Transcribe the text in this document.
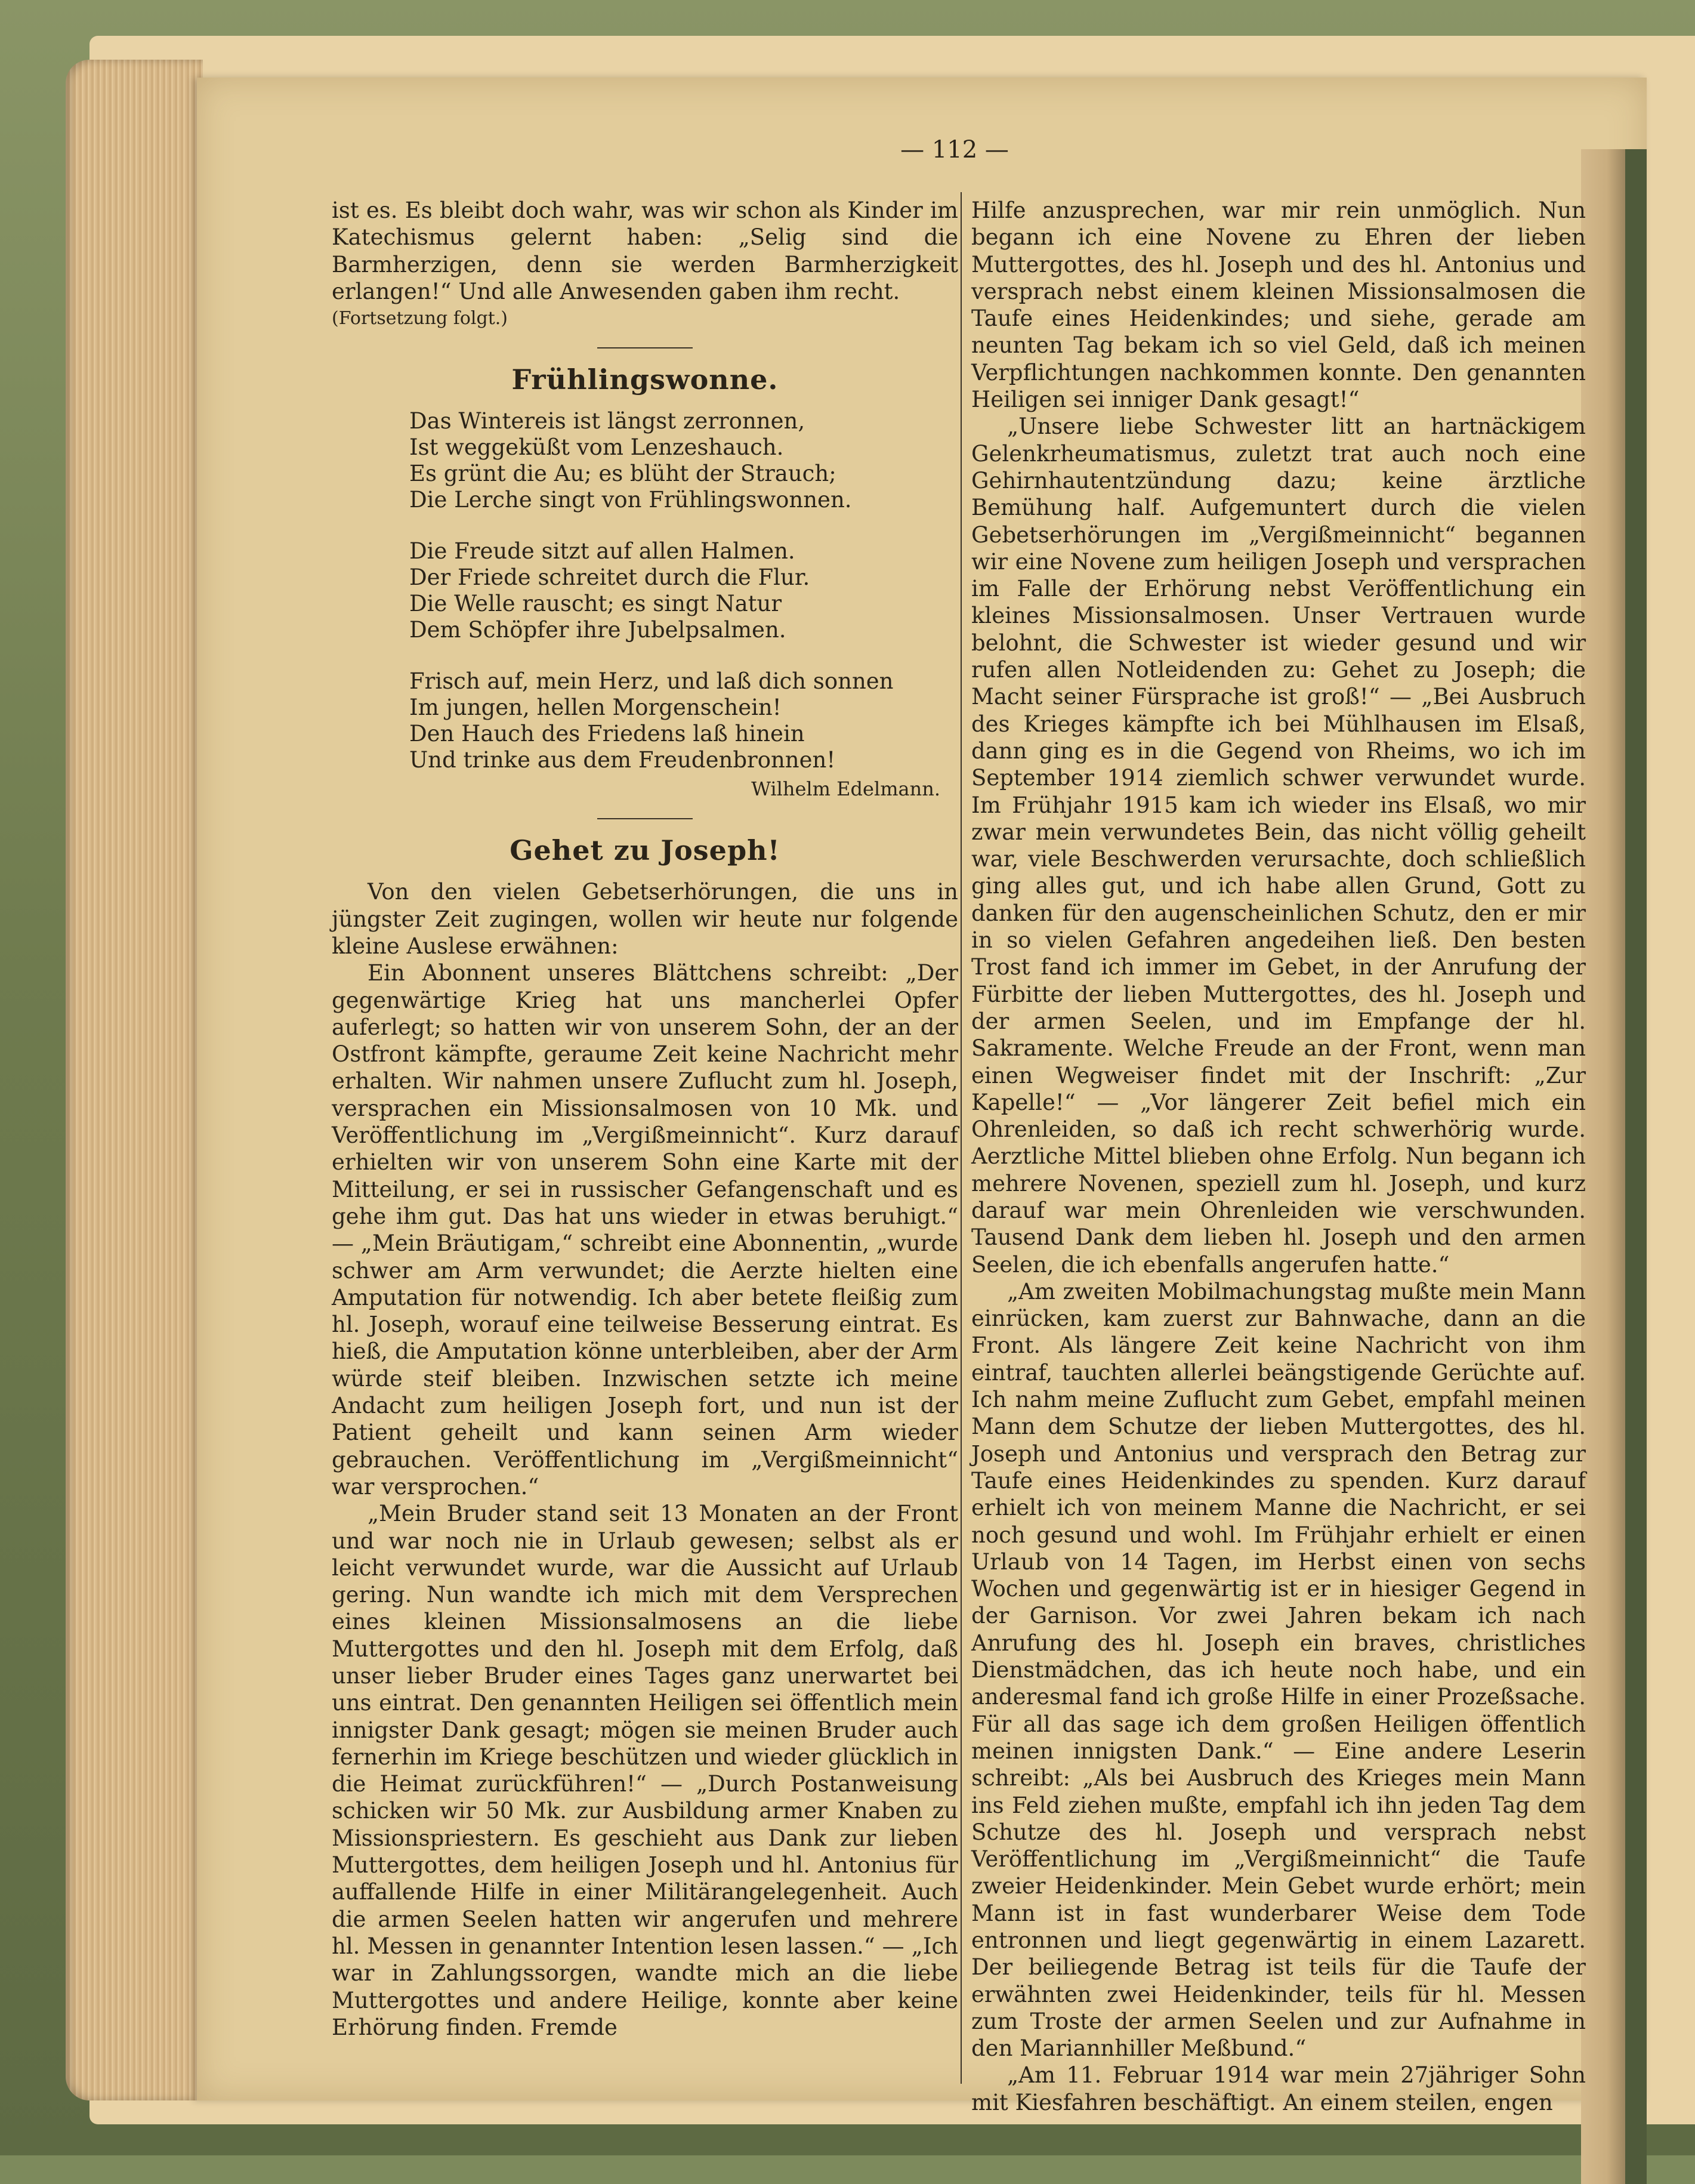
— 112 —

ist es. Es bleibt doch wahr, was wir schon als Kinder im Katechismus gelernt haben: „Selig sind die Barmherzigen, denn sie werden Barmherzigkeit erlangen!“ Und alle Anwesenden gaben ihm recht.

(Fortsetzung folgt.)

Frühlingswonne.
Das Wintereis ist längst zerronnen,
Ist weggeküßt vom Lenzeshauch.
Es grünt die Au; es blüht der Strauch;
Die Lerche singt von Frühlingswonnen.
Die Freude sitzt auf allen Halmen.
Der Friede schreitet durch die Flur.
Die Welle rauscht; es singt Natur
Dem Schöpfer ihre Jubelpsalmen.
Frisch auf, mein Herz, und laß dich sonnen
Im jungen, hellen Morgenschein!
Den Hauch des Friedens laß hinein
Und trinke aus dem Freudenbronnen!
Wilhelm Edelmann.
Gehet zu Joseph!

Von den vielen Gebetserhörungen, die uns in jüngster Zeit zugingen, wollen wir heute nur folgende kleine Auslese erwähnen:

Ein Abonnent unseres Blättchens schreibt: „Der gegenwärtige Krieg hat uns mancherlei Opfer auferlegt; so hatten wir von unserem Sohn, der an der Ostfront kämpfte, geraume Zeit keine Nachricht mehr erhalten. Wir nahmen unsere Zuflucht zum hl. Joseph, versprachen ein Missionsalmosen von 10 Mk. und Veröffentlichung im „Vergißmeinnicht“. Kurz darauf erhielten wir von unserem Sohn eine Karte mit der Mitteilung, er sei in russischer Gefangenschaft und es gehe ihm gut. Das hat uns wieder in etwas beruhigt.“ — „Mein Bräutigam,“ schreibt eine Abonnentin, „wurde schwer am Arm verwundet; die Aerzte hielten eine Amputation für notwendig. Ich aber betete fleißig zum hl. Joseph, worauf eine teilweise Besserung eintrat. Es hieß, die Amputation könne unterbleiben, aber der Arm würde steif bleiben. Inzwischen setzte ich meine Andacht zum heiligen Joseph fort, und nun ist der Patient geheilt und kann seinen Arm wieder gebrauchen. Veröffentlichung im „Vergißmeinnicht“ war versprochen.“

„Mein Bruder stand seit 13 Monaten an der Front und war noch nie in Urlaub gewesen; selbst als er leicht verwundet wurde, war die Aussicht auf Urlaub gering. Nun wandte ich mich mit dem Versprechen eines kleinen Missionsalmosens an die liebe Muttergottes und den hl. Joseph mit dem Erfolg, daß unser lieber Bruder eines Tages ganz unerwartet bei uns eintrat. Den genannten Heiligen sei öffentlich mein innigster Dank gesagt; mögen sie meinen Bruder auch fernerhin im Kriege beschützen und wieder glücklich in die Heimat zurückführen!“ — „Durch Postanweisung schicken wir 50 Mk. zur Ausbildung armer Knaben zu Missionspriestern. Es geschieht aus Dank zur lieben Muttergottes, dem heiligen Joseph und hl. Antonius für auffallende Hilfe in einer Militärangelegenheit. Auch die armen Seelen hatten wir angerufen und mehrere hl. Messen in genannter Intention lesen lassen.“ — „Ich war in Zahlungssorgen, wandte mich an die liebe Muttergottes und andere Heilige, konnte aber keine Erhörung finden. Fremde

Hilfe anzusprechen, war mir rein unmöglich. Nun begann ich eine Novene zu Ehren der lieben Muttergottes, des hl. Joseph und des hl. Antonius und versprach nebst einem kleinen Missionsalmosen die Taufe eines Heidenkindes; und siehe, gerade am neunten Tag bekam ich so viel Geld, daß ich meinen Verpflichtungen nachkommen konnte. Den genannten Heiligen sei inniger Dank gesagt!“

„Unsere liebe Schwester litt an hartnäckigem Gelenkrheumatismus, zuletzt trat auch noch eine Gehirnhautentzündung dazu; keine ärztliche Bemühung half. Aufgemuntert durch die vielen Gebetserhörungen im „Vergißmeinnicht“ begannen wir eine Novene zum heiligen Joseph und versprachen im Falle der Erhörung nebst Veröffentlichung ein kleines Missionsalmosen. Unser Vertrauen wurde belohnt, die Schwester ist wieder gesund und wir rufen allen Notleidenden zu: Gehet zu Joseph; die Macht seiner Fürsprache ist groß!“ — „Bei Ausbruch des Krieges kämpfte ich bei Mühlhausen im Elsaß, dann ging es in die Gegend von Rheims, wo ich im September 1914 ziemlich schwer verwundet wurde. Im Frühjahr 1915 kam ich wieder ins Elsaß, wo mir zwar mein verwundetes Bein, das nicht völlig geheilt war, viele Beschwerden verursachte, doch schließlich ging alles gut, und ich habe allen Grund, Gott zu danken für den augenscheinlichen Schutz, den er mir in so vielen Gefahren angedeihen ließ. Den besten Trost fand ich immer im Gebet, in der Anrufung der Fürbitte der lieben Muttergottes, des hl. Joseph und der armen Seelen, und im Empfange der hl. Sakramente. Welche Freude an der Front, wenn man einen Wegweiser findet mit der Inschrift: „Zur Kapelle!“ — „Vor längerer Zeit befiel mich ein Ohrenleiden, so daß ich recht schwerhörig wurde. Aerztliche Mittel blieben ohne Erfolg. Nun begann ich mehrere Novenen, speziell zum hl. Joseph, und kurz darauf war mein Ohrenleiden wie verschwunden. Tausend Dank dem lieben hl. Joseph und den armen Seelen, die ich ebenfalls angerufen hatte.“

„Am zweiten Mobilmachungstag mußte mein Mann einrücken, kam zuerst zur Bahnwache, dann an die Front. Als längere Zeit keine Nachricht von ihm eintraf, tauchten allerlei beängstigende Gerüchte auf. Ich nahm meine Zuflucht zum Gebet, empfahl meinen Mann dem Schutze der lieben Muttergottes, des hl. Joseph und Antonius und versprach den Betrag zur Taufe eines Heidenkindes zu spenden. Kurz darauf erhielt ich von meinem Manne die Nachricht, er sei noch gesund und wohl. Im Frühjahr erhielt er einen Urlaub von 14 Tagen, im Herbst einen von sechs Wochen und gegenwärtig ist er in hiesiger Gegend in der Garnison. Vor zwei Jahren bekam ich nach Anrufung des hl. Joseph ein braves, christliches Dienstmädchen, das ich heute noch habe, und ein anderesmal fand ich große Hilfe in einer Prozeßsache. Für all das sage ich dem großen Heiligen öffentlich meinen innigsten Dank.“ — Eine andere Leserin schreibt: „Als bei Ausbruch des Krieges mein Mann ins Feld ziehen mußte, empfahl ich ihn jeden Tag dem Schutze des hl. Joseph und versprach nebst Veröffentlichung im „Vergißmeinnicht“ die Taufe zweier Heidenkinder. Mein Gebet wurde erhört; mein Mann ist in fast wunderbarer Weise dem Tode entronnen und liegt gegenwärtig in einem Lazarett. Der beiliegende Betrag ist teils für die Taufe der erwähnten zwei Heidenkinder, teils für hl. Messen zum Troste der armen Seelen und zur Aufnahme in den Mariannhiller Meßbund.“

„Am 11. Februar 1914 war mein 27jähriger Sohn mit Kiesfahren beschäftigt. An einem steilen, engen
